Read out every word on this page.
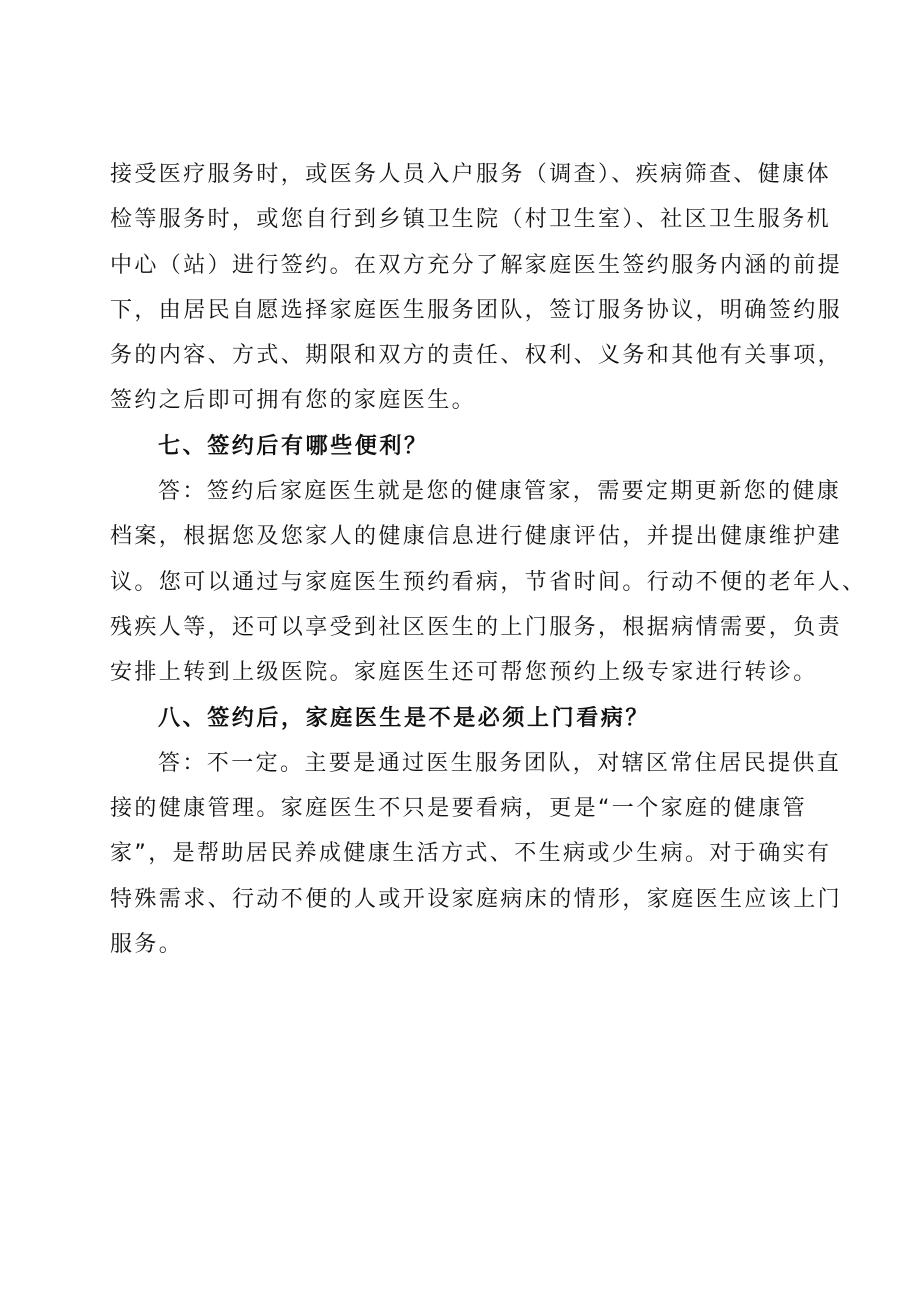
接受医疗服务时，或医务人员入户服务（调查）、疾病筛查、健康体
检等服务时，或您自行到乡镇卫生院（村卫生室）、社区卫生服务机
中心（站）进行签约。在双方充分了解家庭医生签约服务内涵的前提
下，由居民自愿选择家庭医生服务团队，签订服务协议，明确签约服
务的内容、方式、期限和双方的责任、权利、义务和其他有关事项，
签约之后即可拥有您的家庭医生。
七、签约后有哪些便利？
答：签约后家庭医生就是您的健康管家，需要定期更新您的健康
档案，根据您及您家人的健康信息进行健康评估，并提出健康维护建
议。您可以通过与家庭医生预约看病，节省时间。行动不便的老年人、
残疾人等，还可以享受到社区医生的上门服务，根据病情需要，负责
安排上转到上级医院。家庭医生还可帮您预约上级专家进行转诊。
八、签约后，家庭医生是不是必须上门看病？
答：不一定。主要是通过医生服务团队，对辖区常住居民提供直
接的健康管理。家庭医生不只是要看病，更是“一个家庭的健康管
家”，是帮助居民养成健康生活方式、不生病或少生病。对于确实有
特殊需求、行动不便的人或开设家庭病床的情形，家庭医生应该上门
服务。
